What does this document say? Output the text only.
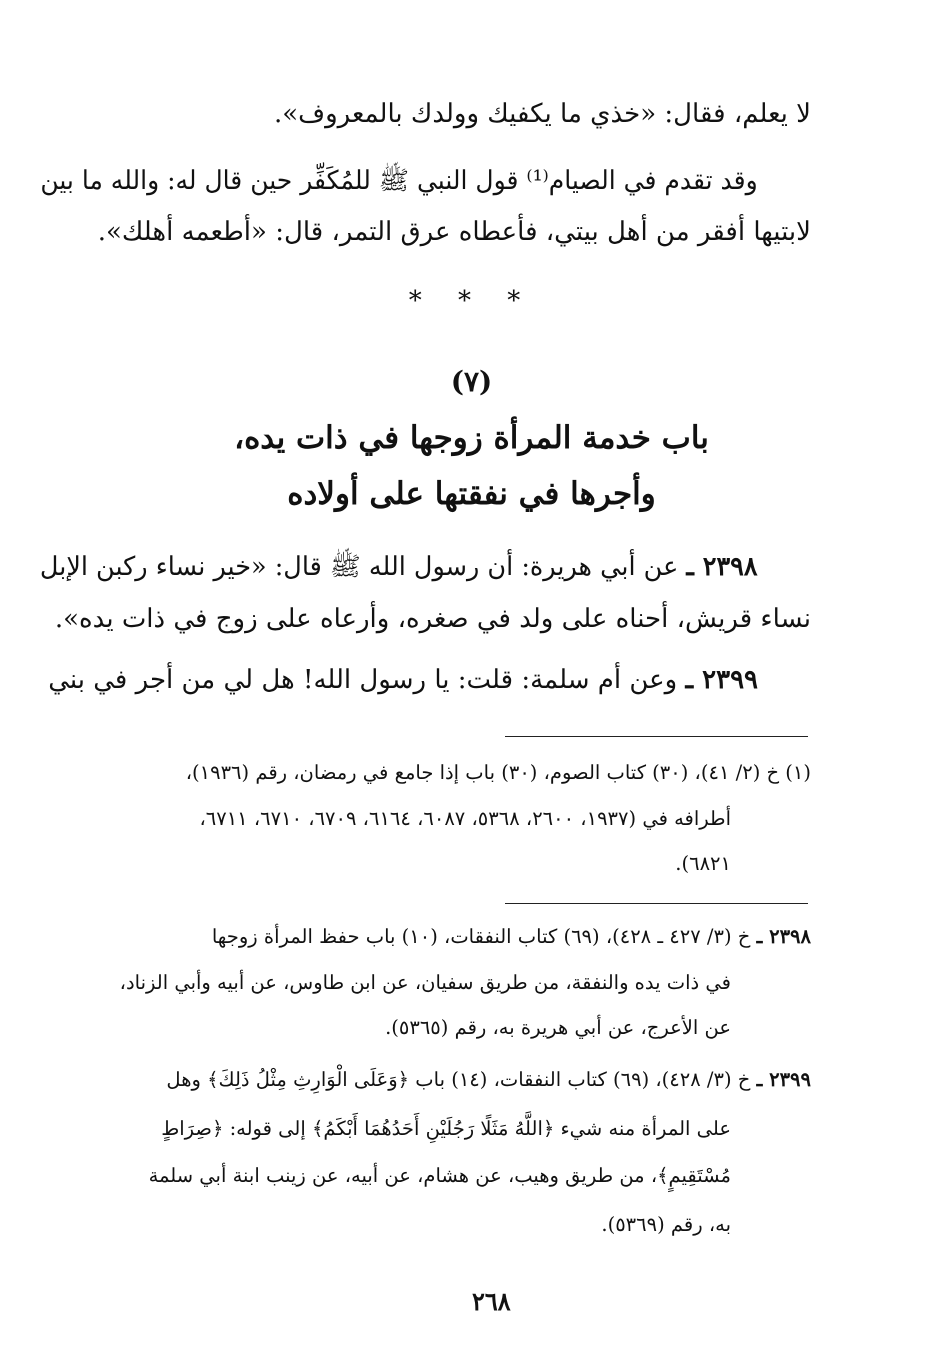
لا يعلم، فقال: «خذي ما يكفيك وولدك بالمعروف».
وقد تقدم في الصيام⁽¹⁾ قول النبي ﷺ للمُكَفِّر حين قال له: والله ما بين
لابتيها أفقر من أهل بيتي، فأعطاه عرق التمر، قال: «أطعمه أهلك».
* * *
(٧)
باب خدمة المرأة زوجها في ذات يده،
وأجرها في نفقتها على أولاده
٢٣٩٨ ـ عن أبي هريرة: أن رسول الله ﷺ قال: «خير نساء ركبن الإبل
نساء قريش، أحناه على ولد في صغره، وأرعاه على زوج في ذات يده».
٢٣٩٩ ـ وعن أم سلمة: قلت: يا رسول الله! هل لي من أجر في بني
(١) خ (٢/ ٤١)، (٣٠) كتاب الصوم، (٣٠) باب إذا جامع في رمضان، رقم (١٩٣٦)،
أطرافه في (١٩٣٧، ٢٦٠٠، ٥٣٦٨، ٦٠٨٧، ٦١٦٤، ٦٧٠٩، ٦٧١٠، ٦٧١١،
٦٨٢١).
٢٣٩٨ ـ خ (٣/ ٤٢٧ ـ ٤٢٨)، (٦٩) كتاب النفقات، (١٠) باب حفظ المرأة زوجها
في ذات يده والنفقة، من طريق سفيان، عن ابن طاوس، عن أبيه وأبي الزناد،
عن الأعرج، عن أبي هريرة به، رقم (٥٣٦٥).
٢٣٩٩ ـ خ (٣/ ٤٢٨)، (٦٩) كتاب النفقات، (١٤) باب ﴿وَعَلَى الْوَارِثِ مِثْلُ ذَلِكَ﴾ وهل
على المرأة منه شيء ﴿اللَّهُ مَثَلًا رَجُلَيْنِ أَحَدُهُمَا أَبْكَمُ﴾ إلى قوله: ﴿صِرَاطٍ
مُسْتَقِيمٍ﴾، من طريق وهيب، عن هشام، عن أبيه، عن زينب ابنة أبي سلمة
به، رقم (٥٣٦٩).
٢٦٨
